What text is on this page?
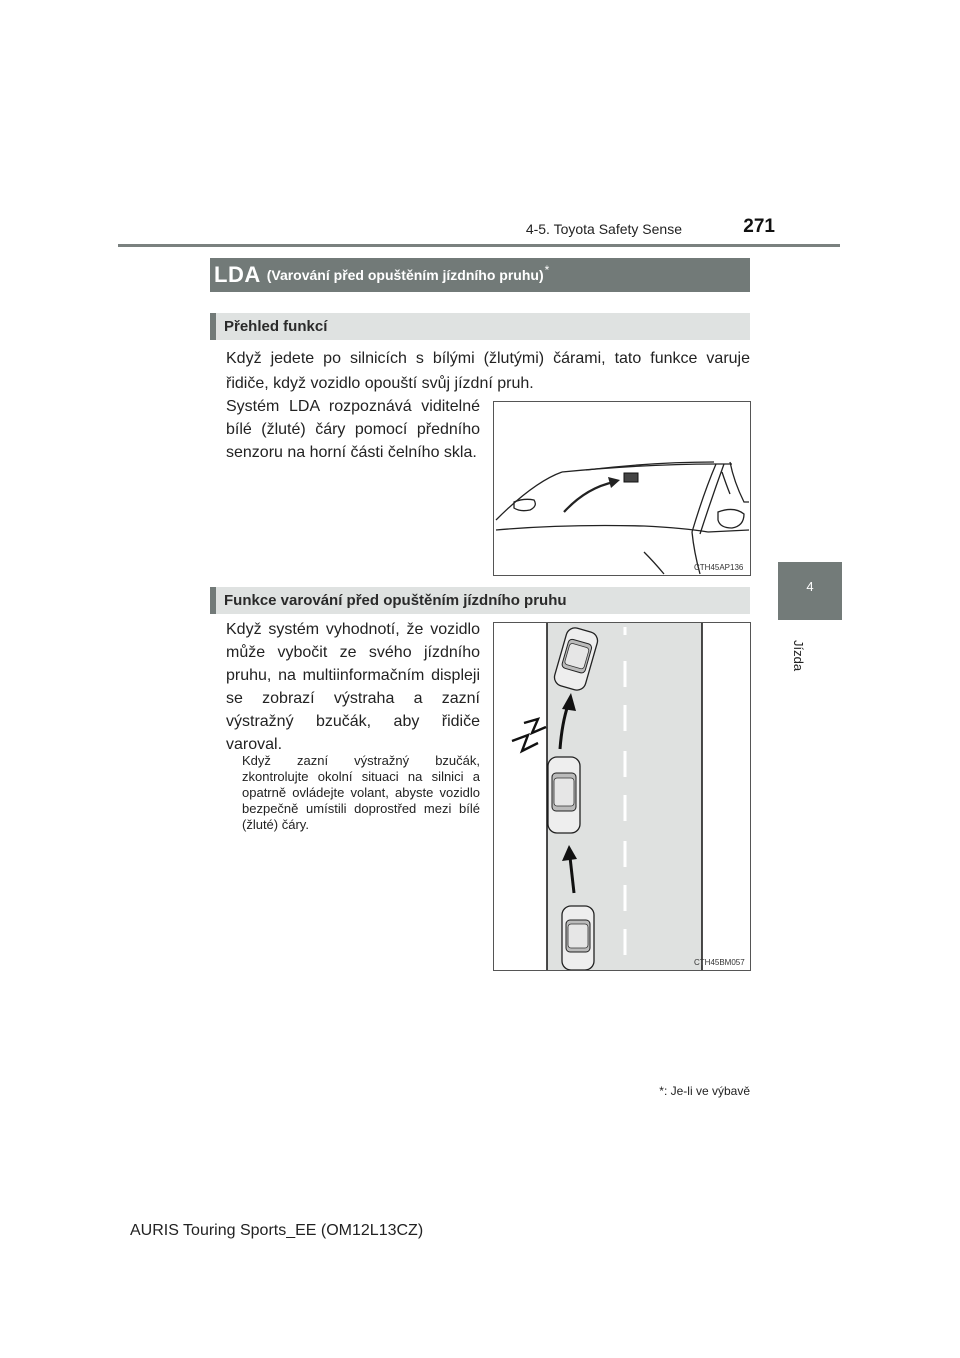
4-5. Toyota Safety Sense	271
4
Jízda
LDA (Varování před opuštěním jízdního pruhu) *
Přehled funkcí
Když jedete po silnicích s bílými (žlutými) čárami, tato funkce varuje řidiče, když vozidlo opouští svůj jízdní pruh.
Systém LDA rozpoznává viditelné bílé (žluté) čáry pomocí předního senzoru na horní části čelního skla.
CTH45AP136
Funkce varování před opuštěním jízdního pruhu
Když systém vyhodnotí, že vozidlo může vybočit ze svého jízdního pruhu, na multiinformačním displeji se zobrazí výstraha a zazní výstražný bzučák, aby řidiče varoval.
Když zazní výstražný bzučák, zkontrolujte okolní situaci na silnici a opatrně ovládejte volant, abyste vozidlo bezpečně umístili doprostřed mezi bílé (žluté) čáry.
CTH45BM057
*: Je-li ve výbavě
AURIS Touring Sports_EE (OM12L13CZ)
